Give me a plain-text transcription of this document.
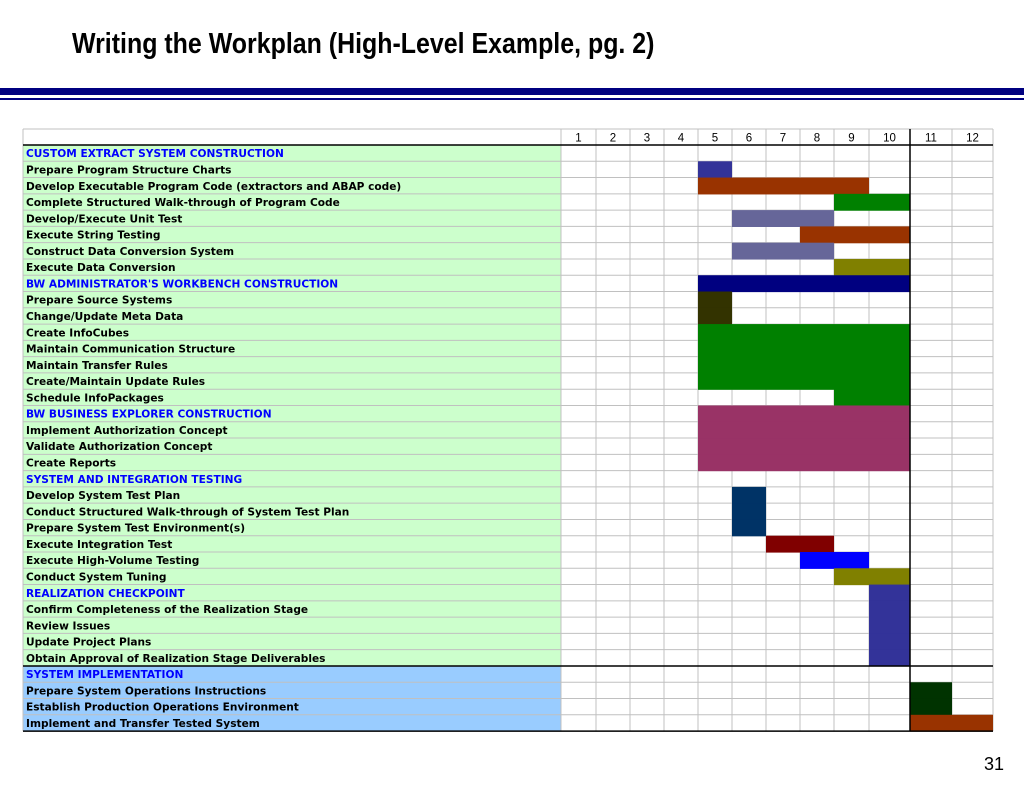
Writing the Workplan (High-Level Example, pg. 2)
1 2 3 4 5 6 7 8 9 10	11	12
CUSTOM EXTRACT SYSTEM CONSTRUCTION
Prepare Program Structure Charts
Develop Executable Program Code (extractors and ABAP code)
Complete Structured Walk-through of Program Code
Develop/Execute Unit Test
Execute String Testing
Construct Data Conversion System
Execute Data Conversion
BW ADMINISTRATOR'S WORKBENCH CONSTRUCTION
Prepare Source Systems
Change/Update Meta Data
Create InfoCubes
Maintain Communication Structure
Maintain Transfer Rules
Create/Maintain Update Rules
Schedule InfoPackages
BW BUSINESS EXPLORER CONSTRUCTION
Implement Authorization Concept
Validate Authorization Concept
Create Reports
SYSTEM AND INTEGRATION TESTING
Develop System Test Plan
Conduct Structured Walk-through of System Test Plan
Prepare System Test Environment(s)
Execute Integration Test
Execute High-Volume Testing
Conduct System Tuning
REALIZATION CHECKPOINT
Confirm Completeness of the Realization Stage
Review Issues
Update Project Plans
Obtain Approval of Realization Stage Deliverables
SYSTEM IMPLEMENTATION
Prepare System Operations Instructions
Establish Production Operations Environment
Implement and Transfer Tested System
31
